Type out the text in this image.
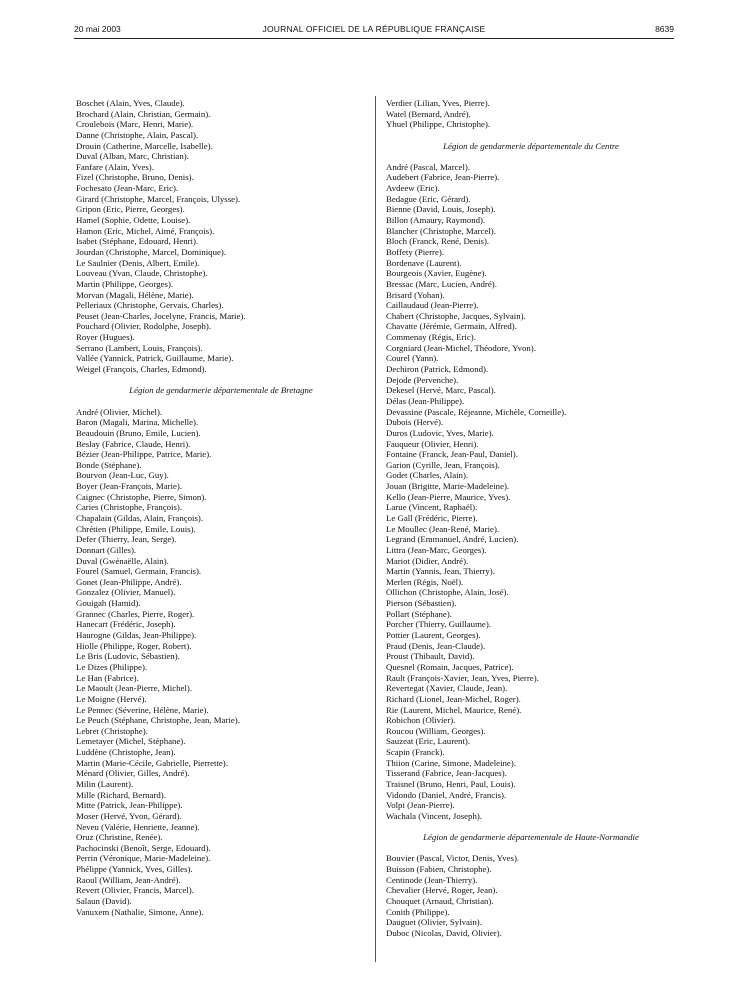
20 mai 2003	JOURNAL OFFICIEL DE LA RÉPUBLIQUE FRANÇAISE	8639
Boschet (Alain, Yves, Claude).
Brochard (Alain, Christian, Germain).
Croulebois (Marc, Henri, Marie).
Danne (Christophe, Alain, Pascal).
Drouin (Catherine, Marcelle, Isabelle).
Duval (Alban, Marc, Christian).
Fanfare (Alain, Yves).
Fizel (Christophe, Bruno, Denis).
Fochesato (Jean-Marc, Eric).
Girard (Christophe, Marcel, François, Ulysse).
Gripon (Eric, Pierre, Georges).
Hamel (Sophie, Odette, Louise).
Hamon (Eric, Michel, Aimé, François).
Isabet (Stéphane, Edouard, Henri).
Jourdan (Christophe, Marcel, Dominique).
Le Saulnier (Denis, Albert, Emile).
Louveau (Yvan, Claude, Christophe).
Martin (Philippe, Georges).
Morvan (Magali, Hélène, Marie).
Pelleriaux (Christophe, Gervais, Charles).
Peuset (Jean-Charles, Jocelyne, Francis, Marie).
Pouchard (Olivier, Rodolphe, Joseph).
Royer (Hugues).
Serrano (Lambert, Louis, François).
Vallée (Yannick, Patrick, Guillaume, Marie).
Weigel (François, Charles, Edmond).
Légion de gendarmerie départementale de Bretagne
André (Olivier, Michel).
Baron (Magali, Marina, Michelle).
Beaudouin (Bruno, Emile, Lucien).
Beslay (Fabrice, Claude, Henri).
Bézier (Jean-Philippe, Patrice, Marie).
Bonde (Stéphane).
Bourvon (Jean-Luc, Guy).
Boyer (Jean-François, Marie).
Caignec (Christophe, Pierre, Simon).
Caries (Christophe, François).
Chapalain (Gildas, Alain, François).
Chrétien (Philippe, Emile, Louis).
Defer (Thierry, Jean, Serge).
Donnart (Gilles).
Duval (Gwénaëlle, Alain).
Fourel (Samuel, Germain, Francis).
Gonet (Jean-Philippe, André).
Gonzalez (Olivier, Manuel).
Gouigah (Hamid).
Grannec (Charles, Pierre, Roger).
Hanecart (Frédéric, Joseph).
Haurogne (Gildas, Jean-Philippe).
Hiolle (Philippe, Roger, Robert).
Le Bris (Ludovic, Sébastien).
Le Dizes (Philippe).
Le Han (Fabrice).
Le Maoult (Jean-Pierre, Michel).
Le Moigne (Hervé).
Le Pennec (Séverine, Hélène, Marie).
Le Peuch (Stéphane, Christophe, Jean, Marie).
Lebret (Christophe).
Lemetayer (Michel, Stéphane).
Luddène (Christophe, Jean).
Martin (Marie-Cécile, Gabrielle, Pierrette).
Ménard (Olivier, Gilles, André).
Milin (Laurent).
Mille (Richard, Bernard).
Mitte (Patrick, Jean-Philippe).
Moser (Hervé, Yvon, Gérard).
Neveu (Valérie, Henriette, Jeanne).
Oruz (Christine, Renée).
Pachocinski (Benoît, Serge, Edouard).
Perrin (Véronique, Marie-Madeleine).
Phélippe (Yannick, Yves, Gilles).
Raoul (William, Jean-André).
Revert (Olivier, Francis, Marcel).
Salaun (David).
Vanuxem (Nathalie, Simone, Anne).
Verdier (Lilian, Yves, Pierre).
Watel (Bernard, André).
Yhuel (Philippe, Christophe).
Légion de gendarmerie départementale du Centre
André (Pascal, Marcel).
Audebert (Fabrice, Jean-Pierre).
Avdeew (Eric).
Bedague (Eric, Gérard).
Bienne (David, Louis, Joseph).
Billon (Amaury, Raymond).
Blancher (Christophe, Marcel).
Bloch (Franck, René, Denis).
Boffety (Pierre).
Bordenave (Laurent).
Bourgeois (Xavier, Eugène).
Bressac (Marc, Lucien, André).
Brisard (Yohan).
Caillaudaud (Jean-Pierre).
Chabert (Christophe, Jacques, Sylvain).
Chavatte (Jérémie, Germain, Alfred).
Commenay (Régis, Eric).
Corgniard (Jean-Michel, Théodore, Yvon).
Courel (Yann).
Dechiron (Patrick, Edmond).
Dejode (Pervenche).
Dekesel (Hervé, Marc, Pascal).
Délas (Jean-Philippe).
Devassine (Pascale, Réjeanne, Michèle, Corneille).
Dubois (Hervé).
Duros (Ludovic, Yves, Marie).
Fauqueur (Olivier, Henri).
Fontaine (Franck, Jean-Paul, Daniel).
Garion (Cyrille, Jean, François).
Godet (Charles, Alain).
Jouan (Brigitte, Marie-Madeleine).
Kello (Jean-Pierre, Maurice, Yves).
Larue (Vincent, Raphaël).
Le Gall (Frédéric, Pierre).
Le Moullec (Jean-René, Marie).
Legrand (Emmanuel, André, Lucien).
Littra (Jean-Marc, Georges).
Mariot (Didier, André).
Martin (Yannis, Jean, Thierry).
Merlen (Régis, Noël).
Ollichon (Christophe, Alain, José).
Pierson (Sébastien).
Pollart (Stéphane).
Porcher (Thierry, Guillaume).
Pottier (Laurent, Georges).
Praud (Denis, Jean-Claude).
Proust (Thibault, David).
Quesnel (Romain, Jacques, Patrice).
Rault (François-Xavier, Jean, Yves, Pierre).
Revertegat (Xavier, Claude, Jean).
Richard (Lionel, Jean-Michel, Roger).
Rie (Laurent, Michel, Maurice, René).
Robichon (Olivier).
Roucou (William, Georges).
Sauzeat (Eric, Laurent).
Scapin (Franck).
Thiion (Carine, Simone, Madeleine).
Tisserand (Fabrice, Jean-Jacques).
Traisnel (Bruno, Henri, Paul, Louis).
Vidondo (Daniel, André, Francis).
Volpi (Jean-Pierre).
Wachala (Vincent, Joseph).
Légion de gendarmerie départementale de Haute-Normandie
Bouvier (Pascal, Victor, Denis, Yves).
Buisson (Fabien, Christophe).
Centinode (Jean-Thierry).
Chevalier (Hervé, Roger, Jean).
Chouquet (Arnaud, Christian).
Conith (Philippe).
Dauguet (Olivier, Sylvain).
Duboc (Nicolas, David, Olivier).
